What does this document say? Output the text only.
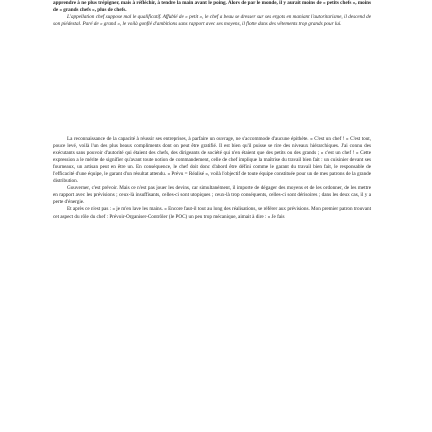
apprendre à ne plus trépigner, mais à réfléchir, à tendre la main avant le poing. Alors de par le monde, il y aurait moins de « petits chefs », moins de « grands chefs », plus de chefs.

L'appellation chef suppose mal le qualificatif. Affublé de « petit », le chef a beau se dresser sur ses ergots en maniant l'autoritarisme, il descend de son piédestal. Paré de « grand », le voilà gonflé d'ambitions sans rapport avec ses moyens, il flotte dans des vêtements trop grands pour lui.

La reconnaissance de la capacité à réussir ses entreprises, à parfaire un ouvrage, ne s'accommode d'aucune épithète. « C'est un chef ! » C'est tout, pouce levé, voilà l'un des plus beaux compliments dont on peut être gratifié. Il est bien qu'il puisse se rire des niveaux hiérarchiques. J'ai connu des exécutants sans pouvoir d'autorité qui étaient des chefs, des dirigeants de société qui n'en étaient que des petits ou des grands ; « c'est un chef ! » Cette expression a le mérite de signifier qu'avant toute notion de commandement, celle de chef implique la maîtrise du travail bien fait : un cuisinier devant ses fourneaux, un artisan peut en être un. En conséquence, le chef doit donc d'abord être défini comme le garant du travail bien fait, le responsable de l'efficacité d'une équipe, le garant d'un résultat attendu. « Prévu = Réalisé », voilà l'objectif de toute équipe constituée pour un de mes patrons de la grande distribution.

Gouverner, c'est prévoir. Mais ce n'est pas jouer les devins, car simultanément, il importe de dégager des moyens et de les ordonner, de les mettre en rapport avec les prévisions ; ceux-là insuffisants, celles-ci sont utopiques ; ceux-là trop conséquents, celles-ci sont dérisoires ; dans les deux cas, il y a perte d'énergie.

Et après ce n'est pas : « je m'en lave les mains. » Encore faut-il tout au long des réalisations, se référer aux prévisions. Mon premier patron trouvant cet aspect du rôle du chef : Prévoir-Organiser-Contrôler (le POC) un peu trop mécanique, aimait à dire : « Je fais
